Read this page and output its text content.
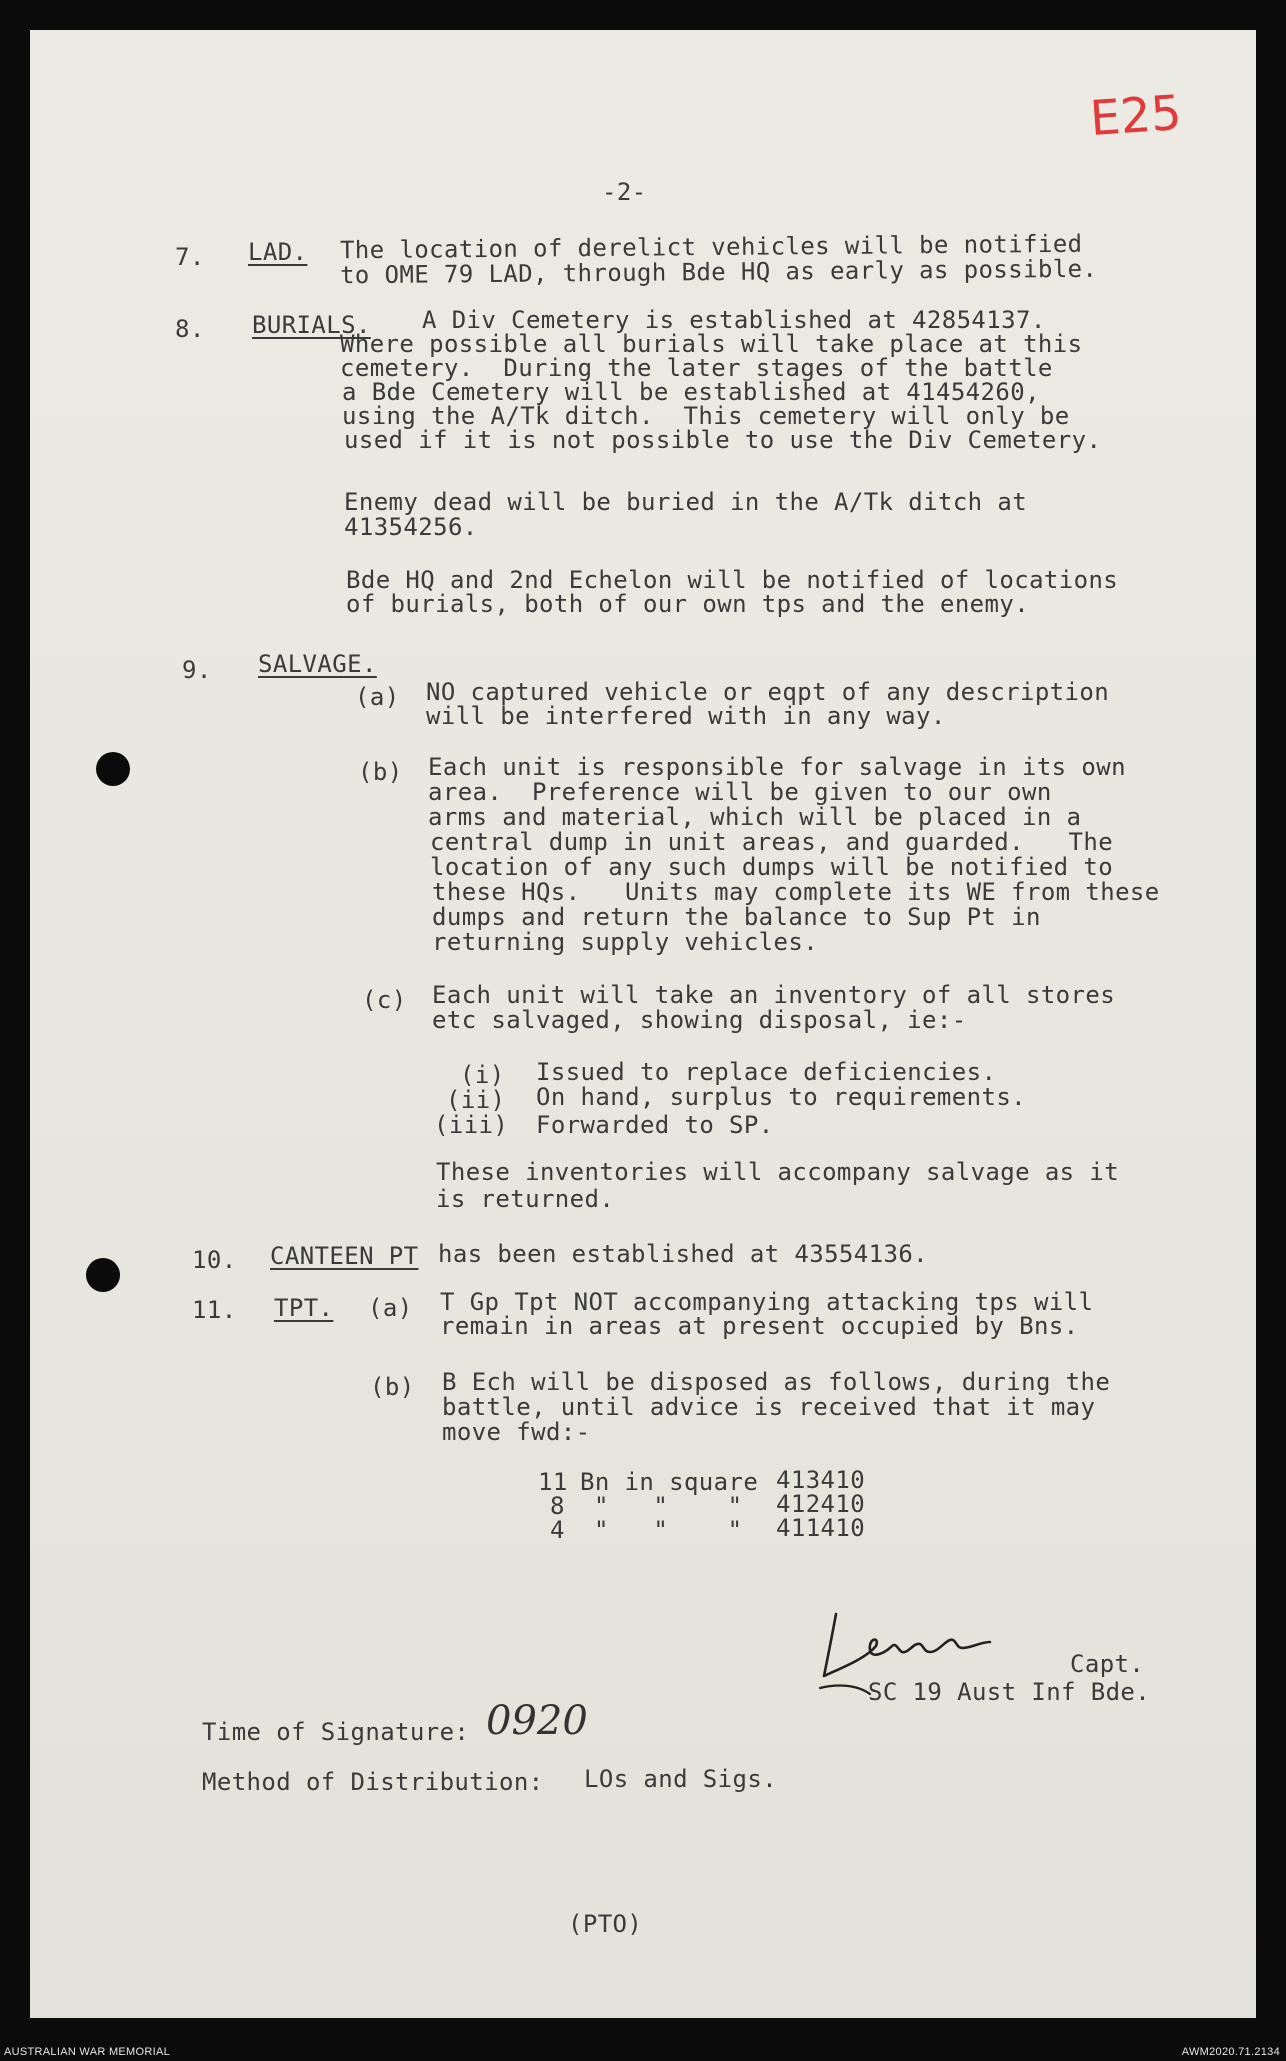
E25

-2-

7. LAD. The location of derelict vehicles will be notified

to OME 79 LAD, through Bde HQ as early as possible.

8. BURIALS. A Div Cemetery is established at 42854137.

Where possible all burials will take place at this

cemetery.  During the later stages of the battle

a Bde Cemetery will be established at 41454260,

using the A/Tk ditch.  This cemetery will only be

used if it is not possible to use the Div Cemetery.

Enemy dead will be buried in the A/Tk ditch at

41354256.

Bde HQ and 2nd Echelon will be notified of locations

of burials, both of our own tps and the enemy.

9. SALVAGE.

(a) NO captured vehicle or eqpt of any description

will be interfered with in any way.

(b) Each unit is responsible for salvage in its own

area.  Preference will be given to our own

arms and material, which will be placed in a

central dump in unit areas, and guarded.   The

location of any such dumps will be notified to

these HQs.   Units may complete its WE from these

dumps and return the balance to Sup Pt in

returning supply vehicles.

(c) Each unit will take an inventory of all stores

etc salvaged, showing disposal, ie:-

(i) Issued to replace deficiencies.

(ii) On hand, surplus to requirements.

(iii) Forwarded to SP.

These inventories will accompany salvage as it

is returned.

10. CANTEEN PT has been established at 43554136.

11. TPT. (a) T Gp Tpt NOT accompanying attacking tps will

remain in areas at present occupied by Bns.

(b) B Ech will be disposed as follows, during the

battle, until advice is received that it may

move fwd:-

11 Bn in square 413410

8 "   "    " 412410

4 "   "    " 411410

Capt.

SC 19 Aust Inf Bde.

Time of Signature: 0920

Method of Distribution: LOs and Sigs.

(PTO)

AUSTRALIAN WAR MEMORIAL	AWM2020.71.2134
